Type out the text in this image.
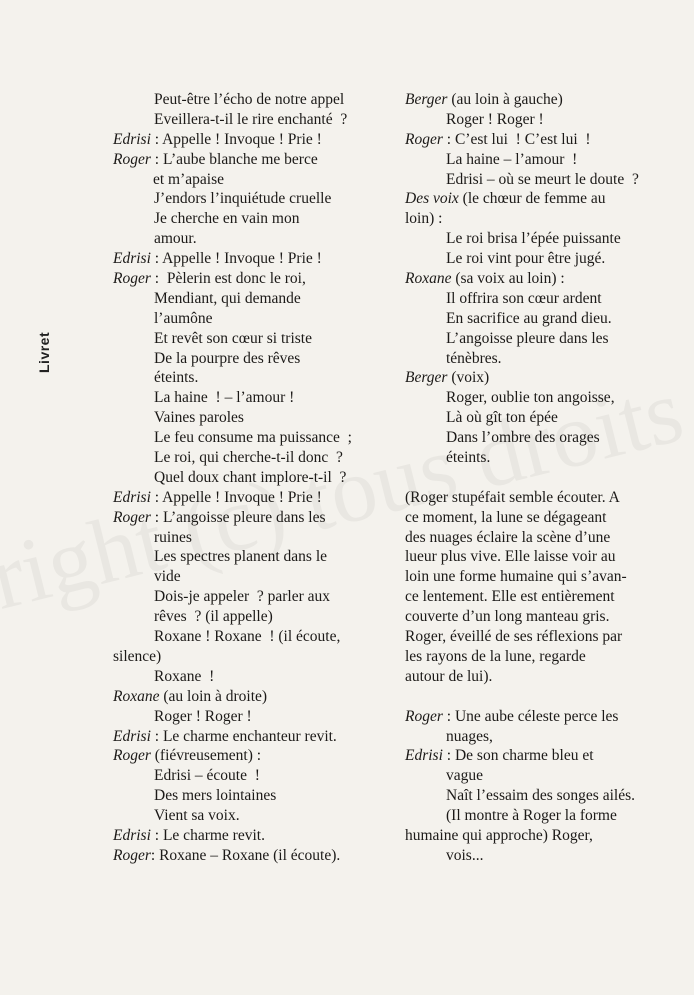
Livret
Peut-être l’écho de notre appel
Eveillera-t-il le rire enchanté  ?
Edrisi : Appelle ! Invoque ! Prie !
Roger : L’aube blanche me berce
et m’apaise
J’endors l’inquiétude cruelle
Je cherche en vain mon
amour.
Edrisi : Appelle ! Invoque ! Prie !
Roger :  Pèlerin est donc le roi,
Mendiant, qui demande
l’aumône
Et revêt son cœur si triste
De la pourpre des rêves
éteints.
La haine  ! – l’amour !
Vaines paroles
Le feu consume ma puissance  ;
Le roi, qui cherche-t-il donc  ?
Quel doux chant implore-t-il  ?
Edrisi : Appelle ! Invoque ! Prie !
Roger : L’angoisse pleure dans les
ruines
Les spectres planent dans le
vide
Dois-je appeler  ? parler aux
rêves  ? (il appelle)
Roxane ! Roxane  ! (il écoute,
silence)
Roxane  !
Roxane (au loin à droite)
Roger ! Roger !
Edrisi : Le charme enchanteur revit.
Roger (fiévreusement) :
Edrisi – écoute  !
Des mers lointaines
Vient sa voix.
Edrisi : Le charme revit.
Roger: Roxane – Roxane (il écoute).
Berger (au loin à gauche)
Roger ! Roger !
Roger : C’est lui  ! C’est lui  !
La haine – l’amour  !
Edrisi – où se meurt le doute  ?
Des voix (le chœur de femme au
loin) :
Le roi brisa l’épée puissante
Le roi vint pour être jugé.
Roxane (sa voix au loin) :
Il offrira son cœur ardent
En sacrifice au grand dieu.
L’angoisse pleure dans les
ténèbres.
Berger (voix)
Roger, oublie ton angoisse,
Là où gît ton épée
Dans l’ombre des orages
éteints.
(Roger stupéfait semble écouter. A
ce moment, la lune se dégageant
des nuages éclaire la scène d’une
lueur plus vive. Elle laisse voir au
loin une forme humaine qui s’avan-
ce lentement. Elle est entièrement
couverte d’un long manteau gris.
Roger, éveillé de ses réflexions par
les rayons de la lune, regarde
autour de lui).
Roger : Une aube céleste perce les
nuages,
Edrisi : De son charme bleu et
vague
Naît l’essaim des songes ailés.
(Il montre à Roger la forme
humaine qui approche) Roger,
vois...
